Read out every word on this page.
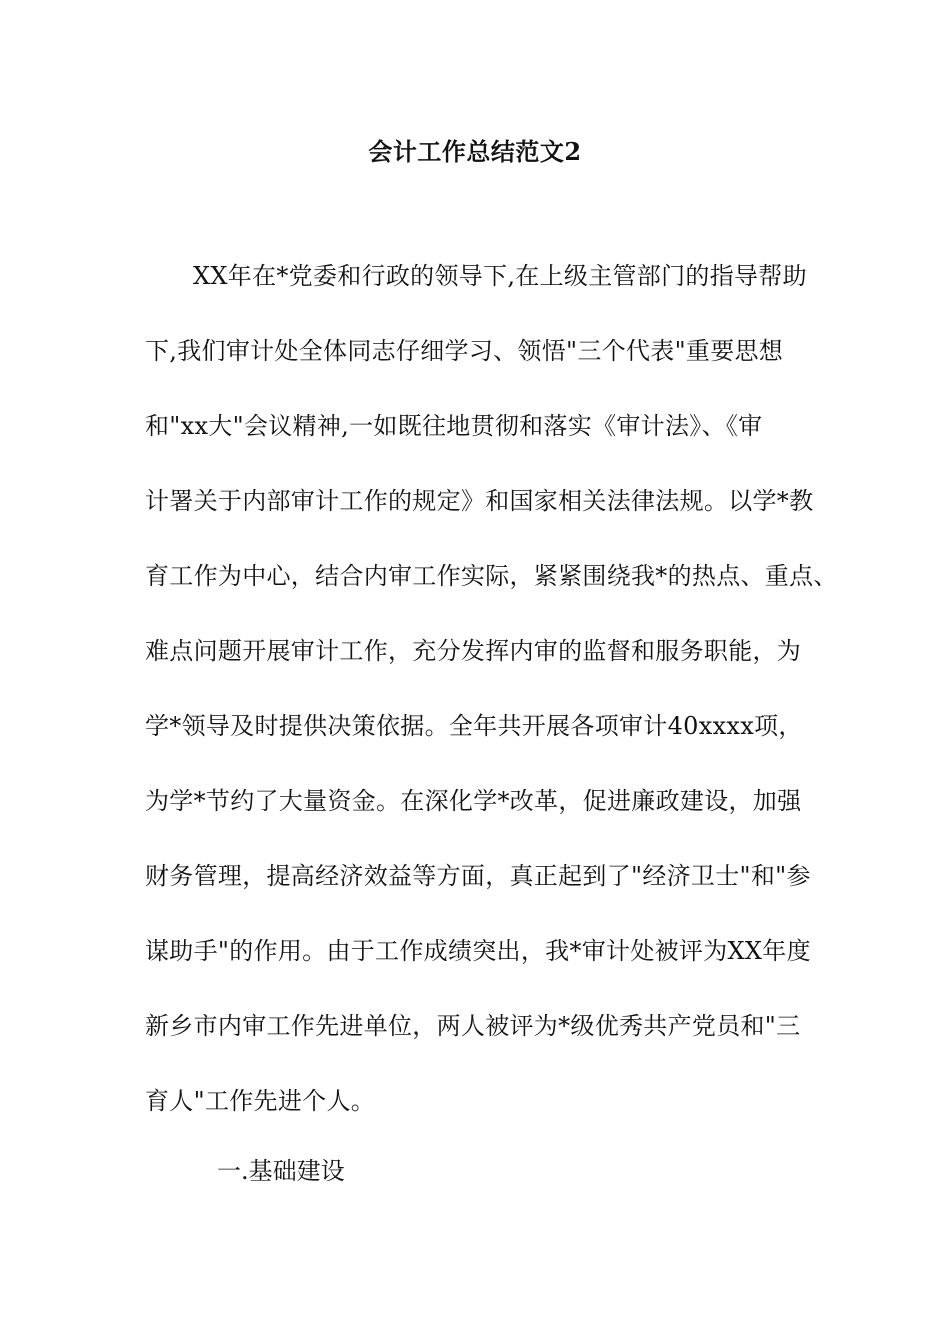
会计工作总结范文2
XX年在*党委和行政的领导下,在上级主管部门的指导帮助
下,我们审计处全体同志仔细学习、领悟"三个代表"重要思想
和"xx大"会议精神,一如既往地贯彻和落实《审计法》、《审
计署关于内部审计工作的规定》和国家相关法律法规。以学*教
育工作为中心，结合内审工作实际，紧紧围绕我*的热点、重点、
难点问题开展审计工作，充分发挥内审的监督和服务职能，为
学*领导及时提供决策依据。全年共开展各项审计40xxxx项，
为学*节约了大量资金。在深化学*改革，促进廉政建设，加强
财务管理，提高经济效益等方面，真正起到了"经济卫士"和"参
谋助手"的作用。由于工作成绩突出，我*审计处被评为XX年度
新乡市内审工作先进单位，两人被评为*级优秀共产党员和"三
育人"工作先进个人。
一.基础建设
